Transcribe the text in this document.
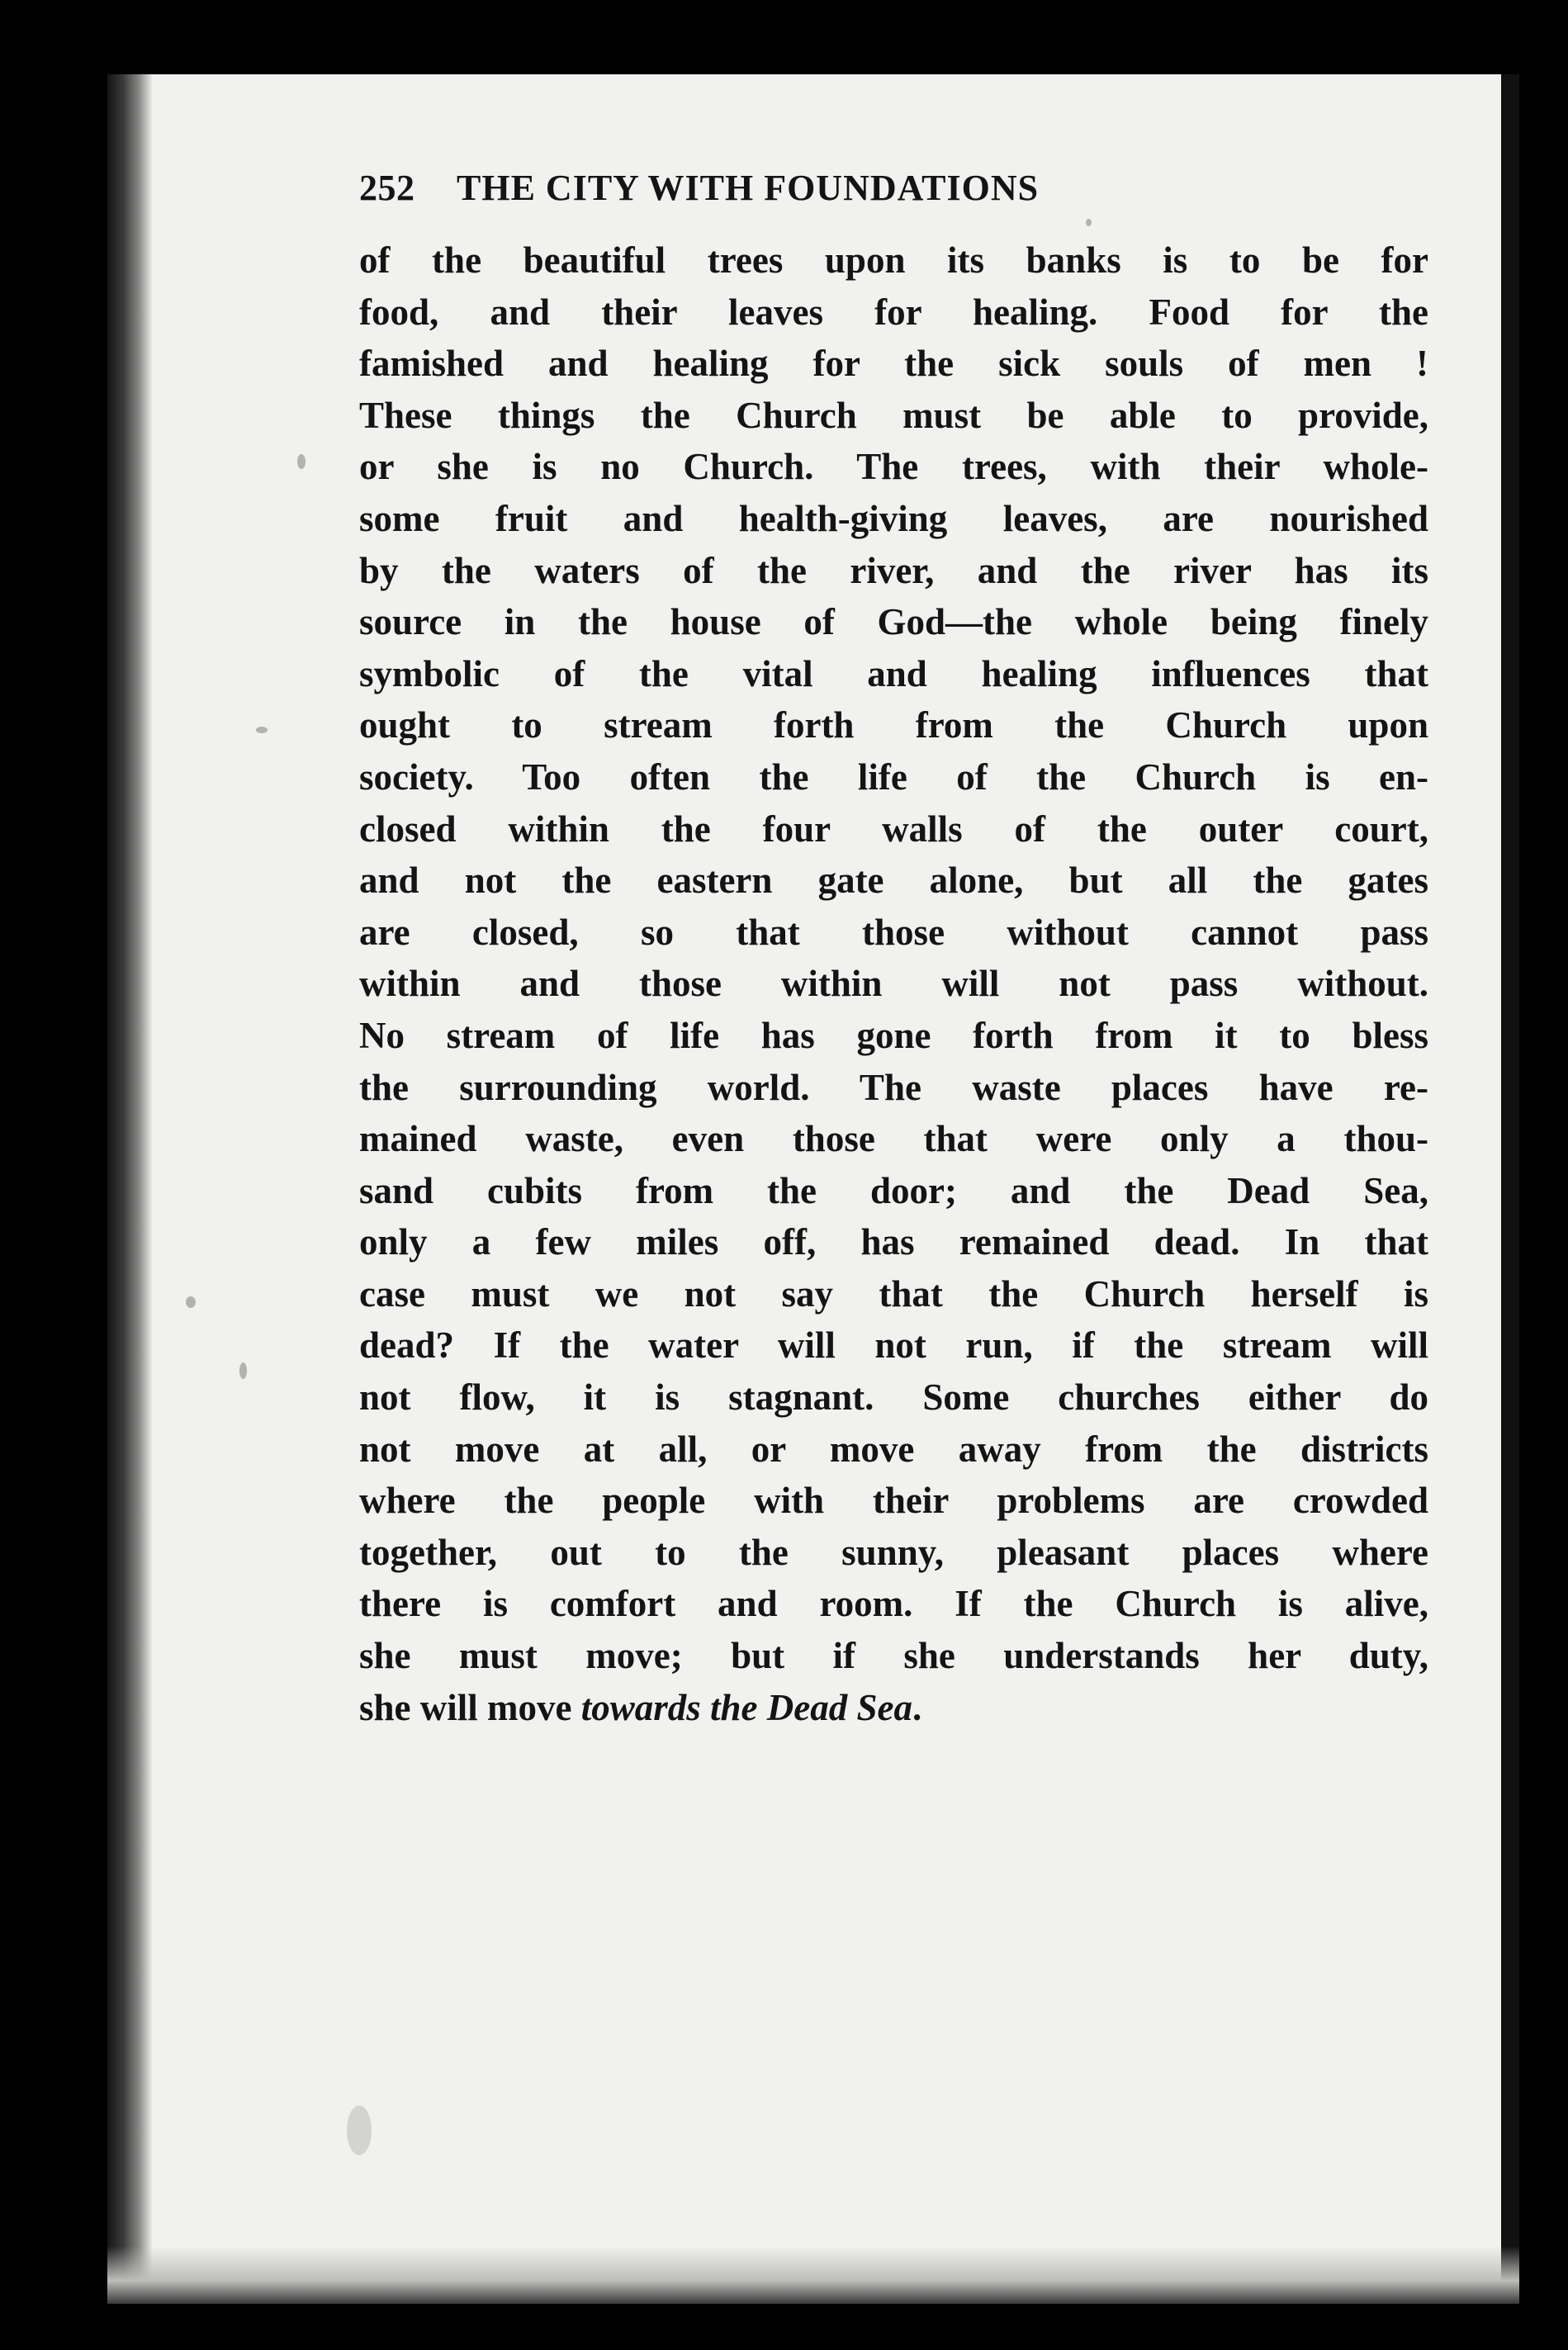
252	THE CITY WITH FOUNDATIONS
of the beautiful trees upon its banks is to be for
food, and their leaves for healing. Food for the
famished and healing for the sick souls of men !
These things the Church must be able to provide,
or she is no Church. The trees, with their whole-
some fruit and health-giving leaves, are nourished
by the waters of the river, and the river has its
source in the house of God—the whole being finely
symbolic of the vital and healing influences that
ought to stream forth from the Church upon
society. Too often the life of the Church is en-
closed within the four walls of the outer court,
and not the eastern gate alone, but all the gates
are closed, so that those without cannot pass
within and those within will not pass without.
No stream of life has gone forth from it to bless
the surrounding world. The waste places have re-
mained waste, even those that were only a thou-
sand cubits from the door; and the Dead Sea,
only a few miles off, has remained dead. In that
case must we not say that the Church herself is
dead? If the water will not run, if the stream will
not flow, it is stagnant. Some churches either do
not move at all, or move away from the districts
where the people with their problems are crowded
together, out to the sunny, pleasant places where
there is comfort and room. If the Church is alive,
she must move; but if she understands her duty,
she will move towards the Dead Sea.
